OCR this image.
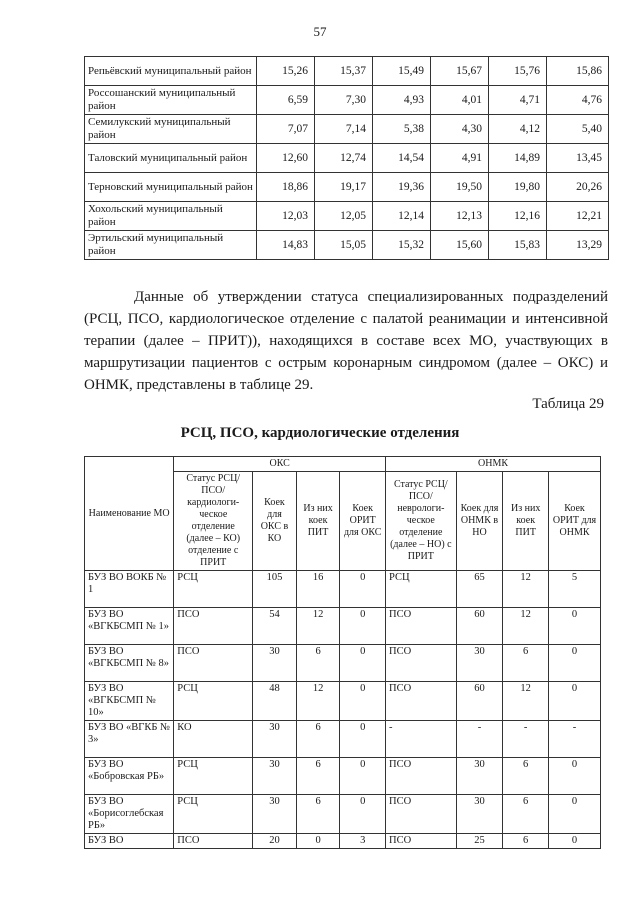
57
Репьёвский муниципальный район	15,26	15,37	15,49	15,67	15,76	15,86
Россошанский муниципальный район	6,59	7,30	4,93	4,01	4,71	4,76
Семилукский муниципальный район	7,07	7,14	5,38	4,30	4,12	5,40
Таловский муниципальный район	12,60	12,74	14,54	4,91	14,89	13,45
Терновский муниципальный район	18,86	19,17	19,36	19,50	19,80	20,26
Хохольский муниципальный район	12,03	12,05	12,14	12,13	12,16	12,21
Эртильский муниципальный район	14,83	15,05	15,32	15,60	15,83	13,29

Данные об утверждении статуса специализированных подразделений (РСЦ, ПСО, кардиологическое отделение с палатой реанимации и интенсивной терапии (далее – ПРИТ)), находящихся в составе всех МО, участвующих в маршрутизации пациентов с острым коронарным синдромом (далее – ОКС) и ОНМК, представлены в таблице 29.

Таблица 29
РСЦ, ПСО, кардиологические отделения
Наименование МО	ОКС				ОНМК			
	Статус РСЦ/ ПСО/ кардиологи- ческое отделение (далее – КО) отделение с ПРИТ	Коек для ОКС в КО	Из них коек ПИТ	Коек ОРИТ для ОКС	Статус РСЦ/ ПСО/ неврологи- ческое отделение (далее – НО) с ПРИТ	Коек для ОНМК в НО	Из них коек ПИТ	Коек ОРИТ для ОНМК
БУЗ ВО ВОКБ № 1	РСЦ	105	16	0	РСЦ	65	12	5
БУЗ ВО «ВГКБСМП № 1»	ПСО	54	12	0	ПСО	60	12	0
БУЗ ВО «ВГКБСМП № 8»	ПСО	30	6	0	ПСО	30	6	0
БУЗ ВО «ВГКБСМП № 10»	РСЦ	48	12	0	ПСО	60	12	0
БУЗ ВО «ВГКБ № 3»	КО	30	6	0	-	-	-	-
БУЗ ВО «Бобровская РБ»	РСЦ	30	6	0	ПСО	30	6	0
БУЗ ВО «Борисоглебская РБ»	РСЦ	30	6	0	ПСО	30	6	0
БУЗ ВО	ПСО	20	0	3	ПСО	25	6	0
